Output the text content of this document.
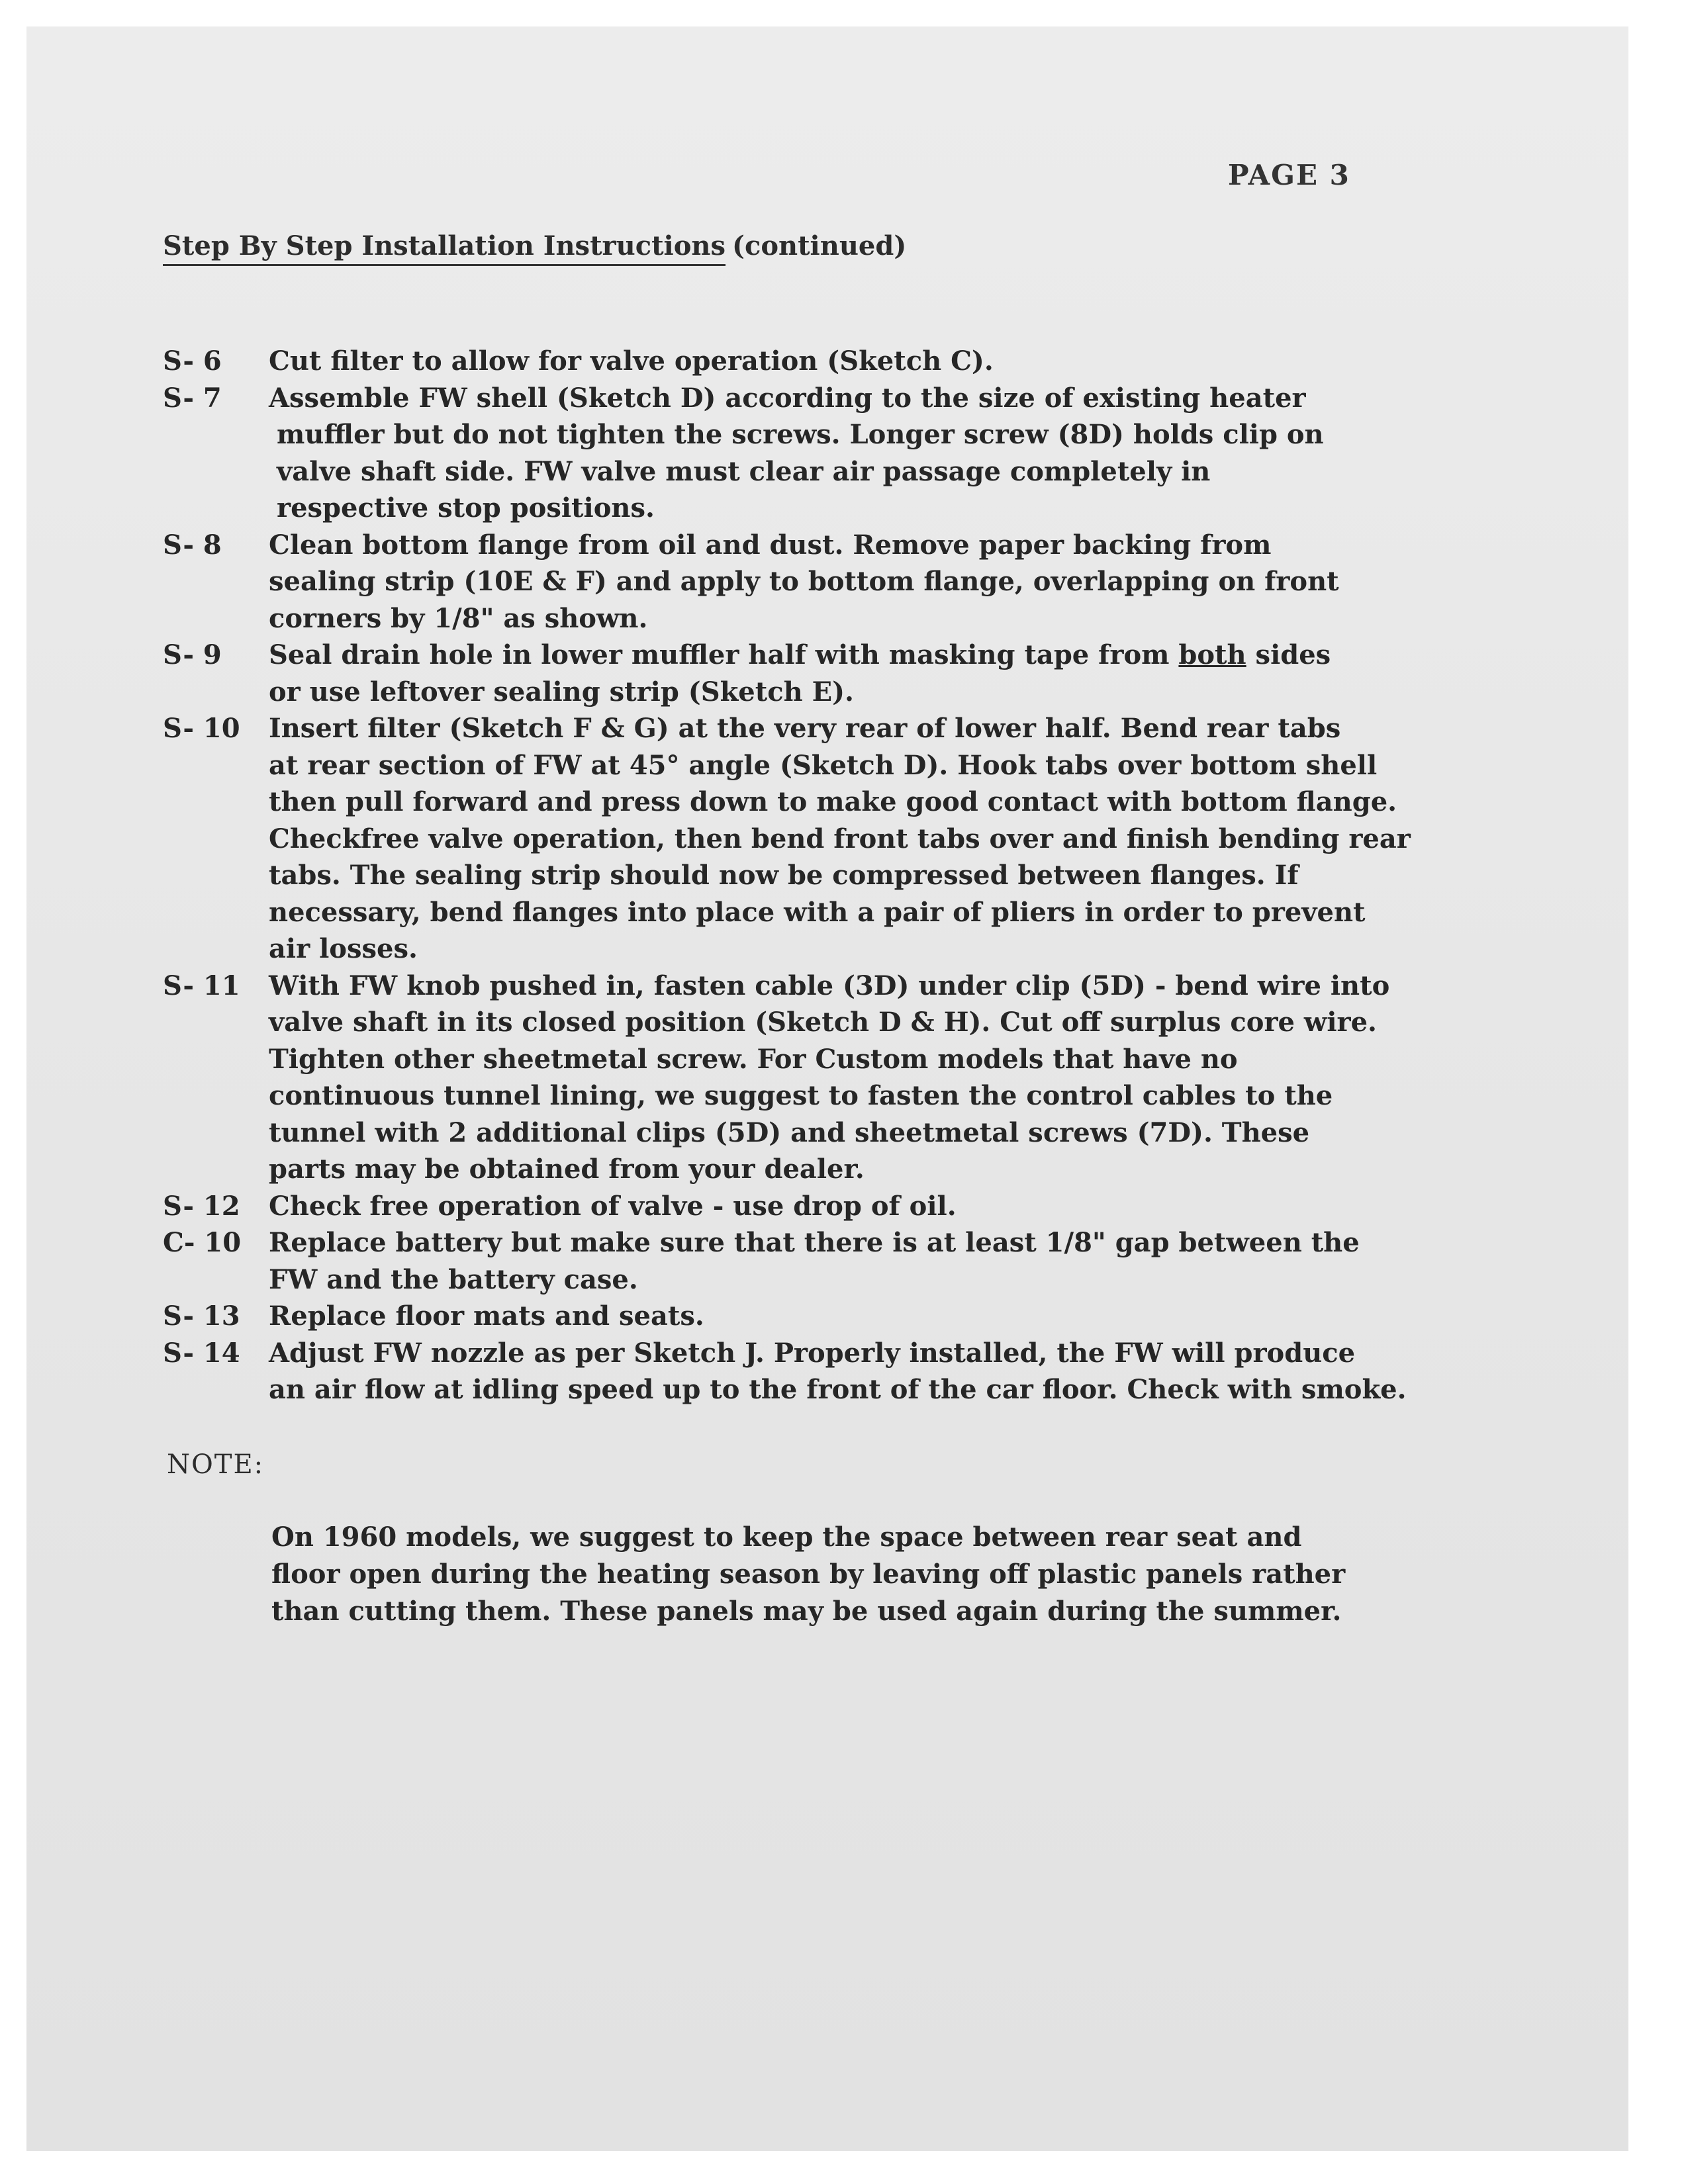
PAGE 3
Step By Step Installation Instructions (continued)
S- 6	Cut filter to allow for valve operation (Sketch C).
S- 7	Assemble FW shell (Sketch D) according to the size of existing heater
muffler but do not tighten the screws. Longer screw (8D) holds clip on
valve shaft side. FW valve must clear air passage completely in
respective stop positions.
S- 8	Clean bottom flange from oil and dust. Remove paper backing from
sealing strip (10E & F) and apply to bottom flange, overlapping on front
corners by 1/8" as shown.
S- 9	Seal drain hole in lower muffler half with masking tape from both sides
or use leftover sealing strip (Sketch E).
S- 10	Insert filter (Sketch F & G) at the very rear of lower half. Bend rear tabs
at rear section of FW at 45° angle (Sketch D). Hook tabs over bottom shell
then pull forward and press down to make good contact with bottom flange.
Checkfree valve operation, then bend front tabs over and finish bending rear
tabs. The sealing strip should now be compressed between flanges. If
necessary, bend flanges into place with a pair of pliers in order to prevent
air losses.
S- 11	With FW knob pushed in, fasten cable (3D) under clip (5D) - bend wire into
valve shaft in its closed position (Sketch D & H). Cut off surplus core wire.
Tighten other sheetmetal screw. For Custom models that have no
continuous tunnel lining, we suggest to fasten the control cables to the
tunnel with 2 additional clips (5D) and sheetmetal screws (7D). These
parts may be obtained from your dealer.
S- 12	Check free operation of valve - use drop of oil.
C- 10	Replace battery but make sure that there is at least 1/8" gap between the
FW and the battery case.
S- 13	Replace floor mats and seats.
S- 14	Adjust FW nozzle as per Sketch J. Properly installed, the FW will produce
an air flow at idling speed up to the front of the car floor. Check with smoke.
NOTE:
On 1960 models, we suggest to keep the space between rear seat and
floor open during the heating season by leaving off plastic panels rather
than cutting them. These panels may be used again during the summer.
